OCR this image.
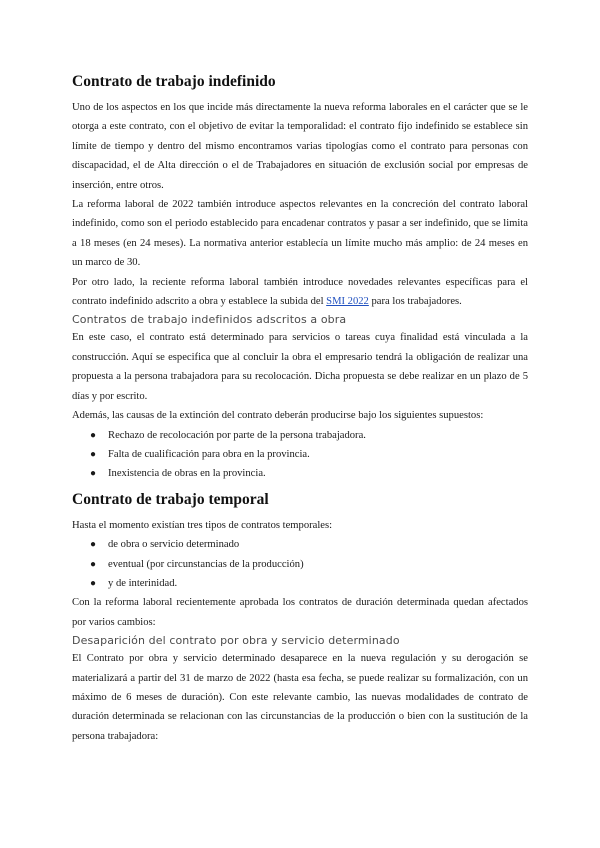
Contrato de trabajo indefinido

Uno de los aspectos en los que incide más directamente la nueva reforma laborales en el carácter que se le otorga a este contrato, con el objetivo de evitar la temporalidad: el contrato fijo indefinido se establece sin límite de tiempo y dentro del mismo encontramos varias tipologías como el contrato para personas con discapacidad, el de Alta dirección o el de Trabajadores en situación de exclusión social por empresas de inserción, entre otros.

La reforma laboral de 2022 también introduce aspectos relevantes en la concreción del contrato laboral indefinido, como son el periodo establecido para encadenar contratos y pasar a ser indefinido, que se limita a 18 meses (en 24 meses). La normativa anterior establecía un límite mucho más amplio: de 24 meses en un marco de 30.

Por otro lado, la reciente reforma laboral también introduce novedades relevantes específicas para el contrato indefinido adscrito a obra y establece la subida del SMI 2022 para los trabajadores.

Contratos de trabajo indefinidos adscritos a obra

En este caso, el contrato está determinado para servicios o tareas cuya finalidad está vinculada a la construcción. Aquí se especifica que al concluir la obra el empresario tendrá la obligación de realizar una propuesta a la persona trabajadora para su recolocación. Dicha propuesta se debe realizar en un plazo de 5 días y por escrito.

Además, las causas de la extinción del contrato deberán producirse bajo los siguientes supuestos:

● Rechazo de recolocación por parte de la persona trabajadora.
● Falta de cualificación para obra en la provincia.
● Inexistencia de obras en la provincia.
Contrato de trabajo temporal

Hasta el momento existían tres tipos de contratos temporales:

● de obra o servicio determinado
● eventual (por circunstancias de la producción)
● y de interinidad.

Con la reforma laboral recientemente aprobada los contratos de duración determinada quedan afectados por varios cambios:

Desaparición del contrato por obra y servicio determinado

El Contrato por obra y servicio determinado desaparece en la nueva regulación y su derogación se materializará a partir del 31 de marzo de 2022 (hasta esa fecha, se puede realizar su formalización, con un máximo de 6 meses de duración). Con este relevante cambio, las nuevas modalidades de contrato de duración determinada se relacionan con las circunstancias de la producción o bien con la sustitución de la persona trabajadora:
